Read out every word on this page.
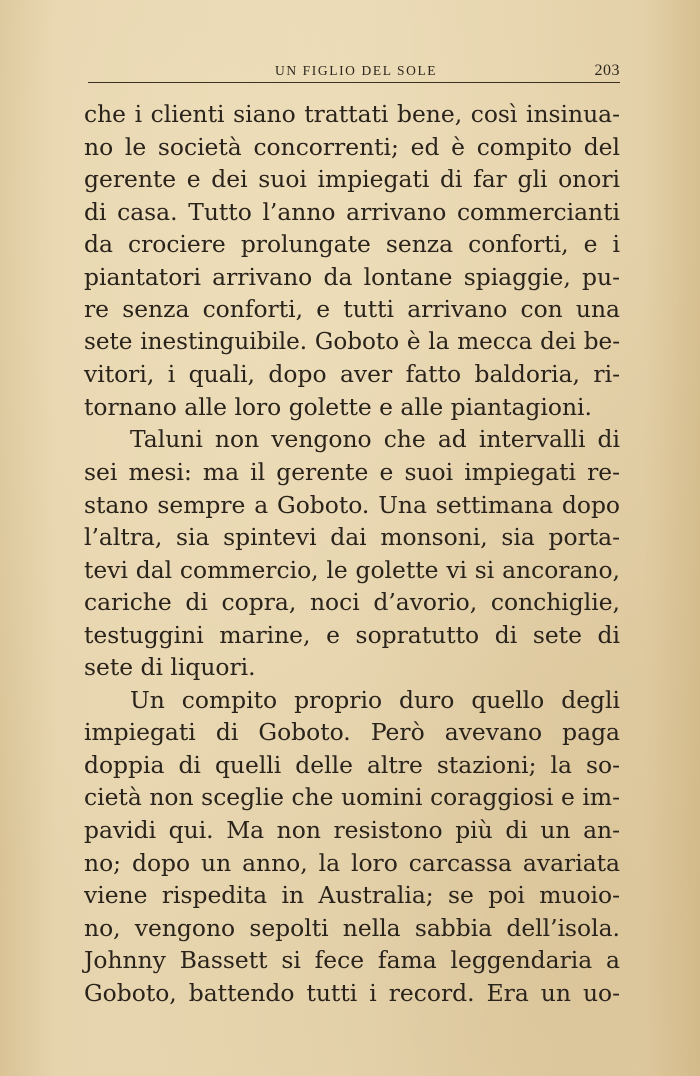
UN FIGLIO DEL SOLE	203
che i clienti siano trattati bene, così insinua-
no le società concorrenti; ed è compito del
gerente e dei suoi impiegati di far gli onori
di casa. Tutto l’anno arrivano commercianti
da crociere prolungate senza conforti, e i
piantatori arrivano da lontane spiaggie, pu-
re senza conforti, e tutti arrivano con una
sete inestinguibile. Goboto è la mecca dei be-
vitori, i quali, dopo aver fatto baldoria, ri-
tornano alle loro golette e alle piantagioni.
Taluni non vengono che ad intervalli di
sei mesi: ma il gerente e suoi impiegati re-
stano sempre a Goboto. Una settimana dopo
l’altra, sia spintevi dai monsoni, sia porta-
tevi dal commercio, le golette vi si ancorano,
cariche di copra, noci d’avorio, conchiglie,
testuggini marine, e sopratutto di sete di
sete di liquori.
Un compito proprio duro quello degli
impiegati di Goboto. Però avevano paga
doppia di quelli delle altre stazioni; la so-
cietà non sceglie che uomini coraggiosi e im-
pavidi qui. Ma non resistono più di un an-
no; dopo un anno, la loro carcassa avariata
viene rispedita in Australia; se poi muoio-
no, vengono sepolti nella sabbia dell’isola.
Johnny Bassett si fece fama leggendaria a
Goboto, battendo tutti i record. Era un uo-
